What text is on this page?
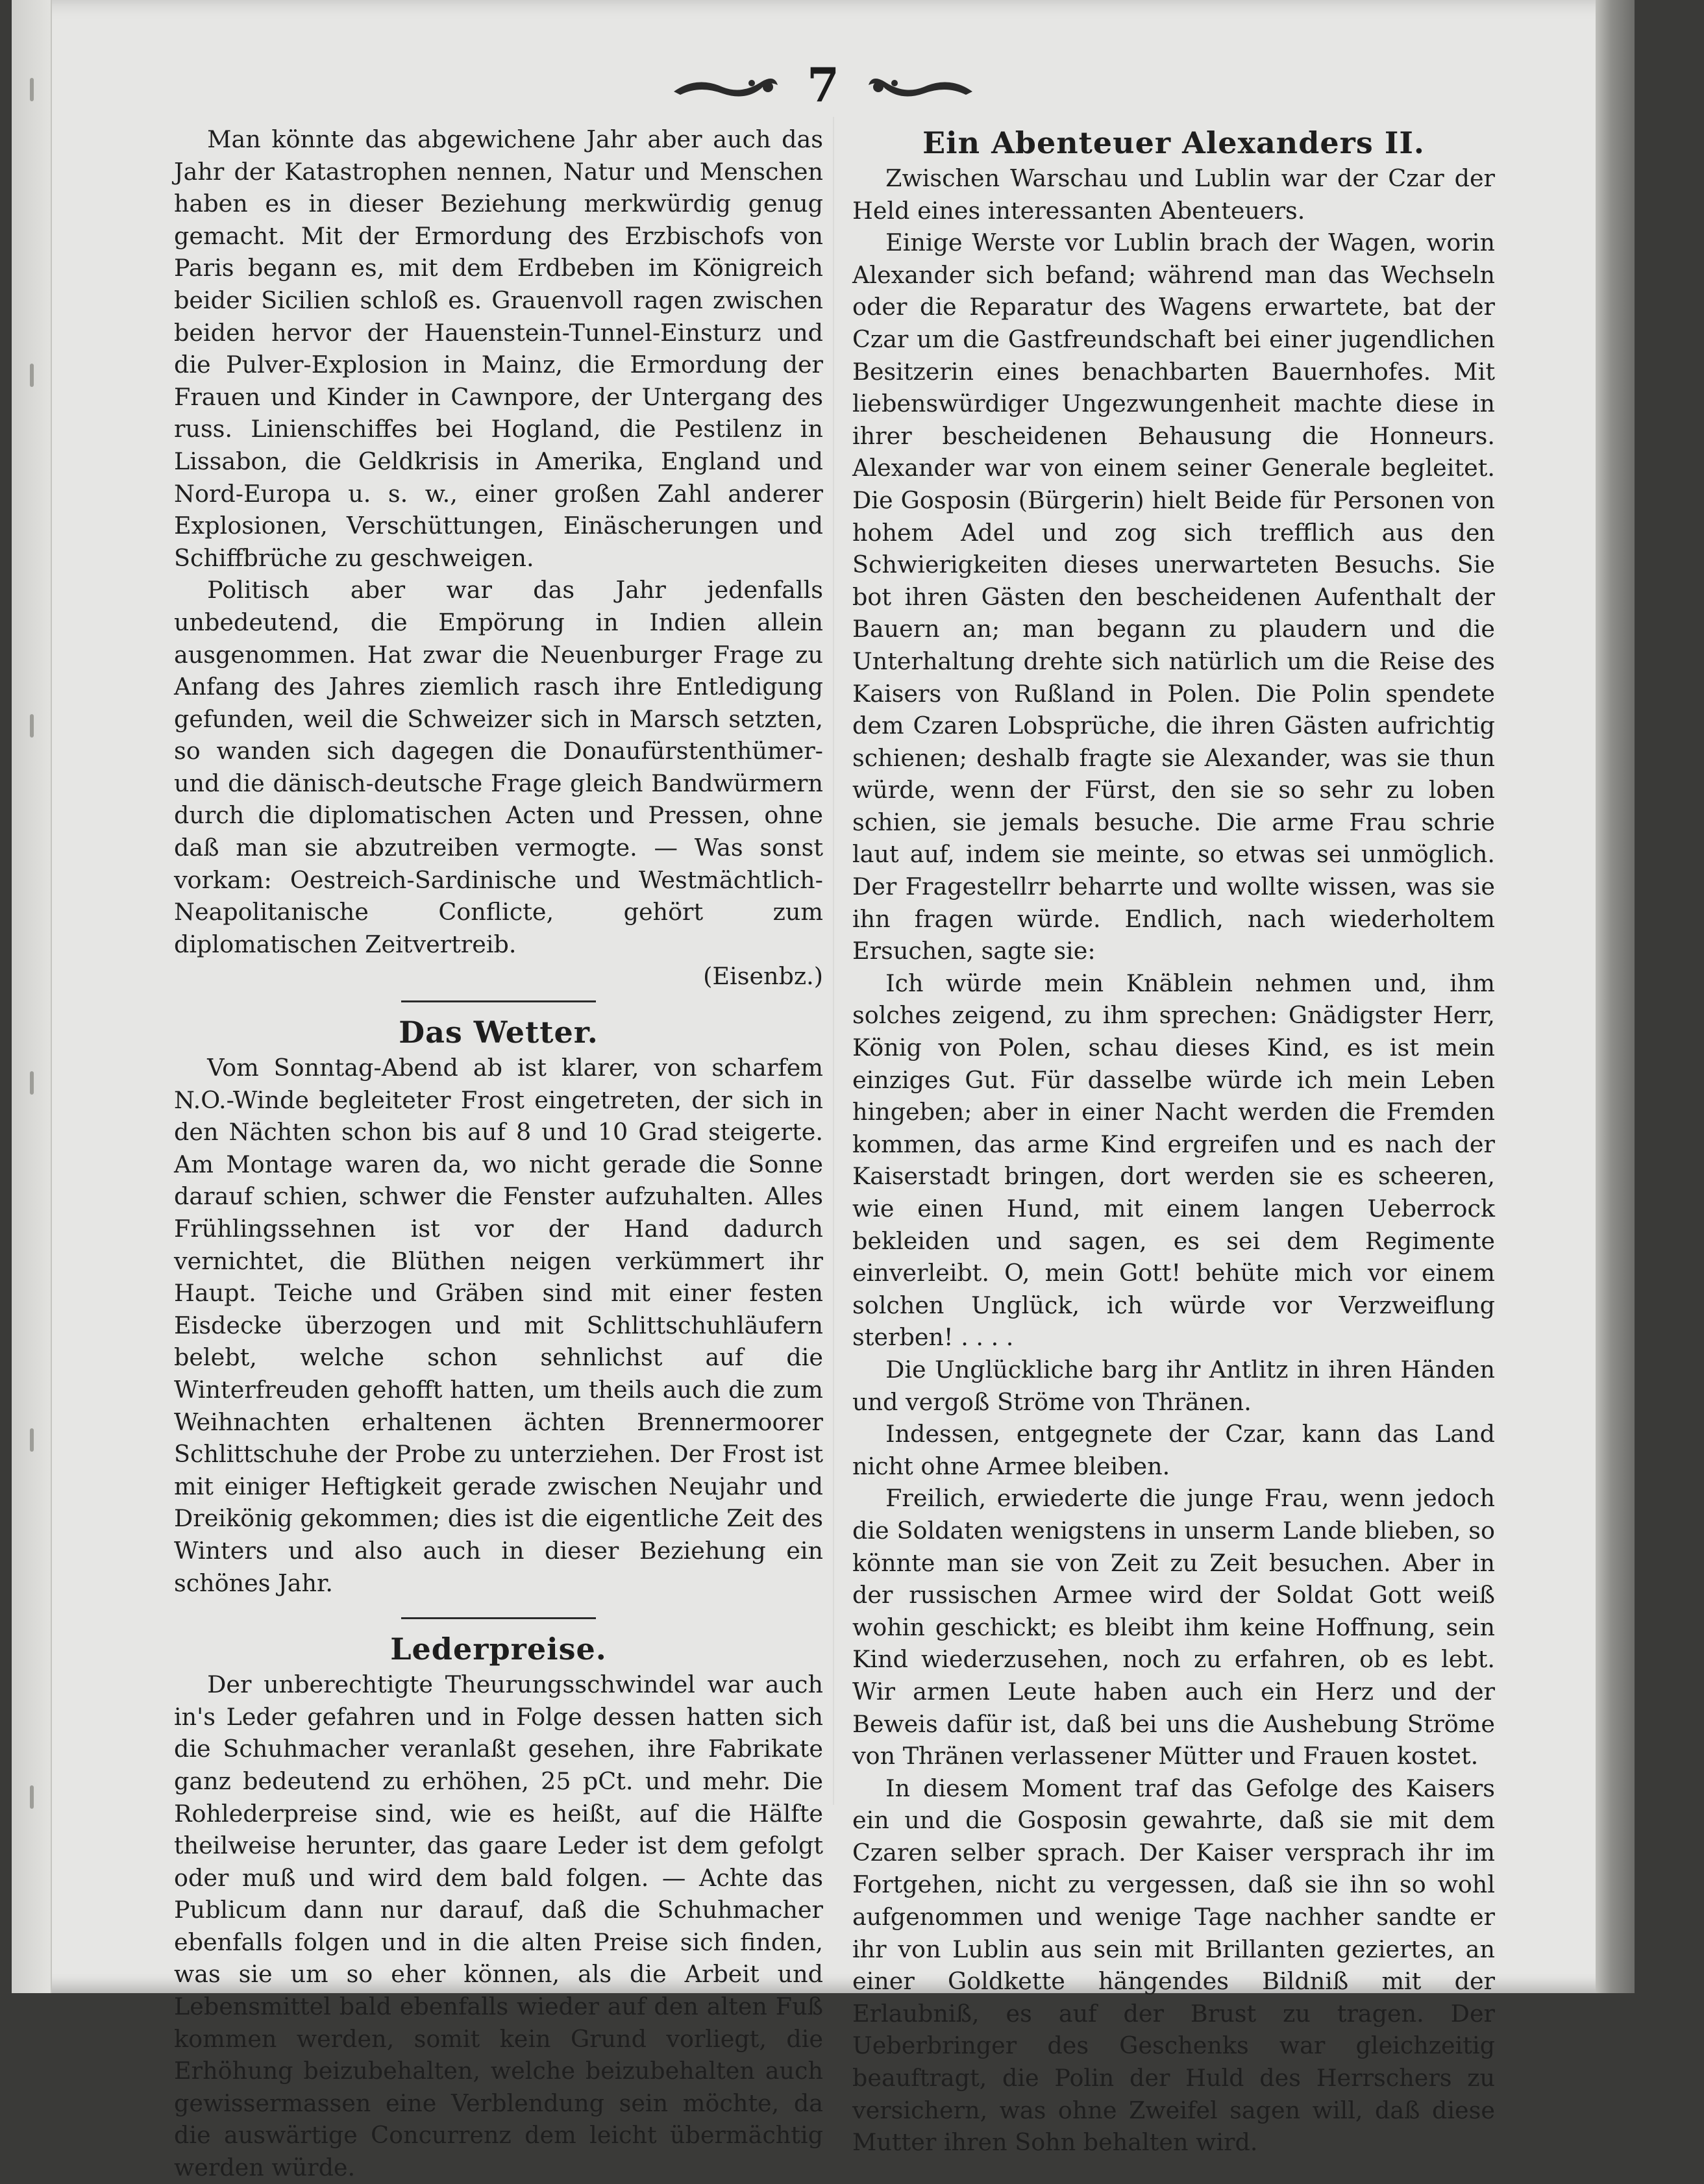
7

Man könnte das abgewichene Jahr aber auch das Jahr der Katastrophen nennen, Natur und Menschen haben es in dieser Beziehung merkwürdig genug gemacht. Mit der Ermordung des Erzbischofs von Paris begann es, mit dem Erdbeben im Königreich beider Sicilien schloß es. Grauenvoll ragen zwischen beiden hervor der Hauenstein-Tunnel-Einsturz und die Pulver-Explosion in Mainz, die Ermordung der Frauen und Kinder in Cawnpore, der Untergang des russ. Linienschiffes bei Hogland, die Pestilenz in Lissabon, die Geldkrisis in Amerika, England und Nord-Europa u. s. w., einer großen Zahl anderer Explosionen, Verschüttungen, Einäscherungen und Schiffbrüche zu geschweigen.

Politisch aber war das Jahr jedenfalls unbedeutend, die Empörung in Indien allein ausgenommen. Hat zwar die Neuenburger Frage zu Anfang des Jahres ziemlich rasch ihre Entledigung gefunden, weil die Schweizer sich in Marsch setzten, so wanden sich dagegen die Donaufürstenthümer- und die dänisch-deutsche Frage gleich Bandwürmern durch die diplomatischen Acten und Pressen, ohne daß man sie abzutreiben vermogte. — Was sonst vorkam: Oestreich-Sardinische und Westmächtlich-Neapolitanische Conflicte, gehört zum diplomatischen Zeitvertreib.

(Eisenbz.)
Das Wetter.

Vom Sonntag-Abend ab ist klarer, von scharfem N.O.-Winde begleiteter Frost eingetreten, der sich in den Nächten schon bis auf 8 und 10 Grad steigerte. Am Montage waren da, wo nicht gerade die Sonne darauf schien, schwer die Fenster aufzuhalten. Alles Frühlingssehnen ist vor der Hand dadurch vernichtet, die Blüthen neigen verkümmert ihr Haupt. Teiche und Gräben sind mit einer festen Eisdecke überzogen und mit Schlittschuhläufern belebt, welche schon sehnlichst auf die Winterfreuden gehofft hatten, um theils auch die zum Weihnachten erhaltenen ächten Brennermoorer Schlittschuhe der Probe zu unterziehen. Der Frost ist mit einiger Heftigkeit gerade zwischen Neujahr und Dreikönig gekommen; dies ist die eigentliche Zeit des Winters und also auch in dieser Beziehung ein schönes Jahr.

Lederpreise.

Der unberechtigte Theurungsschwindel war auch in's Leder gefahren und in Folge dessen hatten sich die Schuhmacher veranlaßt gesehen, ihre Fabrikate ganz bedeutend zu erhöhen, 25 pCt. und mehr. Die Rohlederpreise sind, wie es heißt, auf die Hälfte theilweise herunter, das gaare Leder ist dem gefolgt oder muß und wird dem bald folgen. — Achte das Publicum dann nur darauf, daß die Schuhmacher ebenfalls folgen und in die alten Preise sich finden, was sie um so eher können, als die Arbeit und Lebensmittel bald ebenfalls wieder auf den alten Fuß kommen werden, somit kein Grund vorliegt, die Erhöhung beizubehalten, welche beizubehalten auch gewissermassen eine Verblendung sein möchte, da die auswärtige Concurrenz dem leicht übermächtig werden würde.

Ein Abenteuer Alexanders II.

Zwischen Warschau und Lublin war der Czar der Held eines interessanten Abenteuers.

Einige Werste vor Lublin brach der Wagen, worin Alexander sich befand; während man das Wechseln oder die Reparatur des Wagens erwartete, bat der Czar um die Gastfreundschaft bei einer jugendlichen Besitzerin eines benachbarten Bauernhofes. Mit liebenswürdiger Ungezwungenheit machte diese in ihrer bescheidenen Behausung die Honneurs. Alexander war von einem seiner Generale begleitet. Die Gosposin (Bürgerin) hielt Beide für Personen von hohem Adel und zog sich trefflich aus den Schwierigkeiten dieses unerwarteten Besuchs. Sie bot ihren Gästen den bescheidenen Aufenthalt der Bauern an; man begann zu plaudern und die Unterhaltung drehte sich natürlich um die Reise des Kaisers von Rußland in Polen. Die Polin spendete dem Czaren Lobsprüche, die ihren Gästen aufrichtig schienen; deshalb fragte sie Alexander, was sie thun würde, wenn der Fürst, den sie so sehr zu loben schien, sie jemals besuche. Die arme Frau schrie laut auf, indem sie meinte, so etwas sei unmöglich. Der Fragestellrr beharrte und wollte wissen, was sie ihn fragen würde. Endlich, nach wiederholtem Ersuchen, sagte sie:

Ich würde mein Knäblein nehmen und, ihm solches zeigend, zu ihm sprechen: Gnädigster Herr, König von Polen, schau dieses Kind, es ist mein einziges Gut. Für dasselbe würde ich mein Leben hingeben; aber in einer Nacht werden die Fremden kommen, das arme Kind ergreifen und es nach der Kaiserstadt bringen, dort werden sie es scheeren, wie einen Hund, mit einem langen Ueberrock bekleiden und sagen, es sei dem Regimente einverleibt. O, mein Gott! behüte mich vor einem solchen Unglück, ich würde vor Verzweiflung sterben! . . . .

Die Unglückliche barg ihr Antlitz in ihren Händen und vergoß Ströme von Thränen.

Indessen, entgegnete der Czar, kann das Land nicht ohne Armee bleiben.

Freilich, erwiederte die junge Frau, wenn jedoch die Soldaten wenigstens in unserm Lande blieben, so könnte man sie von Zeit zu Zeit besuchen. Aber in der russischen Armee wird der Soldat Gott weiß wohin geschickt; es bleibt ihm keine Hoffnung, sein Kind wiederzusehen, noch zu erfahren, ob es lebt. Wir armen Leute haben auch ein Herz und der Beweis dafür ist, daß bei uns die Aushebung Ströme von Thränen verlassener Mütter und Frauen kostet.

In diesem Moment traf das Gefolge des Kaisers ein und die Gosposin gewahrte, daß sie mit dem Czaren selber sprach. Der Kaiser versprach ihr im Fortgehen, nicht zu vergessen, daß sie ihn so wohl aufgenommen und wenige Tage nachher sandte er ihr von Lublin aus sein mit Brillanten geziertes, an einer Goldkette hängendes Bildniß mit der Erlaubniß, es auf der Brust zu tragen. Der Ueberbringer des Geschenks war gleichzeitig beauftragt, die Polin der Huld des Herrschers zu versichern, was ohne Zweifel sagen will, daß diese Mutter ihren Sohn behalten wird.
